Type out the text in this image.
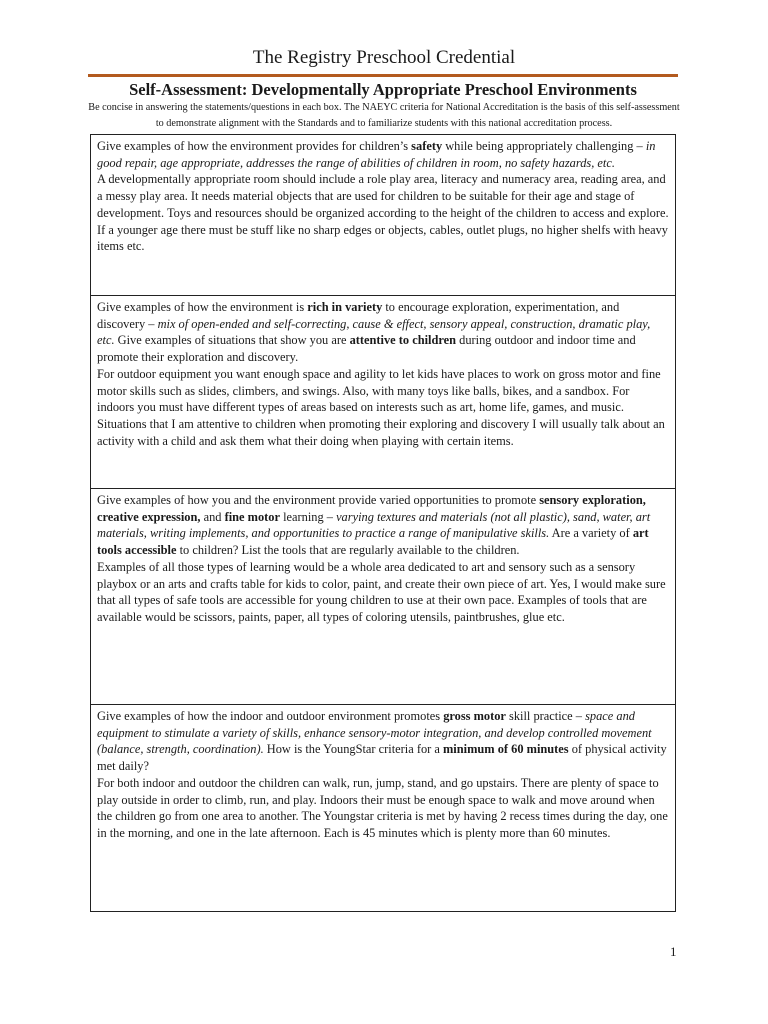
The Registry Preschool Credential
Self-Assessment: Developmentally Appropriate Preschool Environments
Be concise in answering the statements/questions in each box. The NAEYC criteria for National Accreditation is the basis of this self-assessment to demonstrate alignment with the Standards and to familiarize students with this national accreditation process.

Give examples of how the environment provides for children’s safety while being appropriately challenging – in good repair, age appropriate, addresses the range of abilities of children in room, no safety hazards, etc.

A developmentally appropriate room should include a role play area, literacy and numeracy area, reading area, and a messy play area. It needs material objects that are used for children to be suitable for their age and stage of development. Toys and resources should be organized according to the height of the children to access and explore. If a younger age there must be stuff like no sharp edges or objects, cables, outlet plugs, no higher shelfs with heavy items etc.

Give examples of how the environment is rich in variety to encourage exploration, experimentation, and discovery – mix of open-ended and self-correcting, cause & effect, sensory appeal, construction, dramatic play, etc. Give examples of situations that show you are attentive to children during outdoor and indoor time and promote their exploration and discovery.

For outdoor equipment you want enough space and agility to let kids have places to work on gross motor and fine motor skills such as slides, climbers, and swings. Also, with many toys like balls, bikes, and a sandbox. For indoors you must have different types of areas based on interests such as art, home life, games, and music. Situations that I am attentive to children when promoting their exploring and discovery I will usually talk about an activity with a child and ask them what their doing when playing with certain items.

Give examples of how you and the environment provide varied opportunities to promote sensory exploration, creative expression, and fine motor learning – varying textures and materials (not all plastic), sand, water, art materials, writing implements, and opportunities to practice a range of manipulative skills. Are a variety of art tools accessible to children? List the tools that are regularly available to the children.

Examples of all those types of learning would be a whole area dedicated to art and sensory such as a sensory playbox or an arts and crafts table for kids to color, paint, and create their own piece of art. Yes, I would make sure that all types of safe tools are accessible for young children to use at their own pace. Examples of tools that are available would be scissors, paints, paper, all types of coloring utensils, paintbrushes, glue etc.

Give examples of how the indoor and outdoor environment promotes gross motor skill practice – space and equipment to stimulate a variety of skills, enhance sensory-motor integration, and develop controlled movement (balance, strength, coordination). How is the YoungStar criteria for a minimum of 60 minutes of physical activity met daily?

For both indoor and outdoor the children can walk, run, jump, stand, and go upstairs. There are plenty of space to play outside in order to climb, run, and play. Indoors their must be enough space to walk and move around when the children go from one area to another. The Youngstar criteria is met by having 2 recess times during the day, one in the morning, and one in the late afternoon. Each is 45 minutes which is plenty more than 60 minutes.

1
